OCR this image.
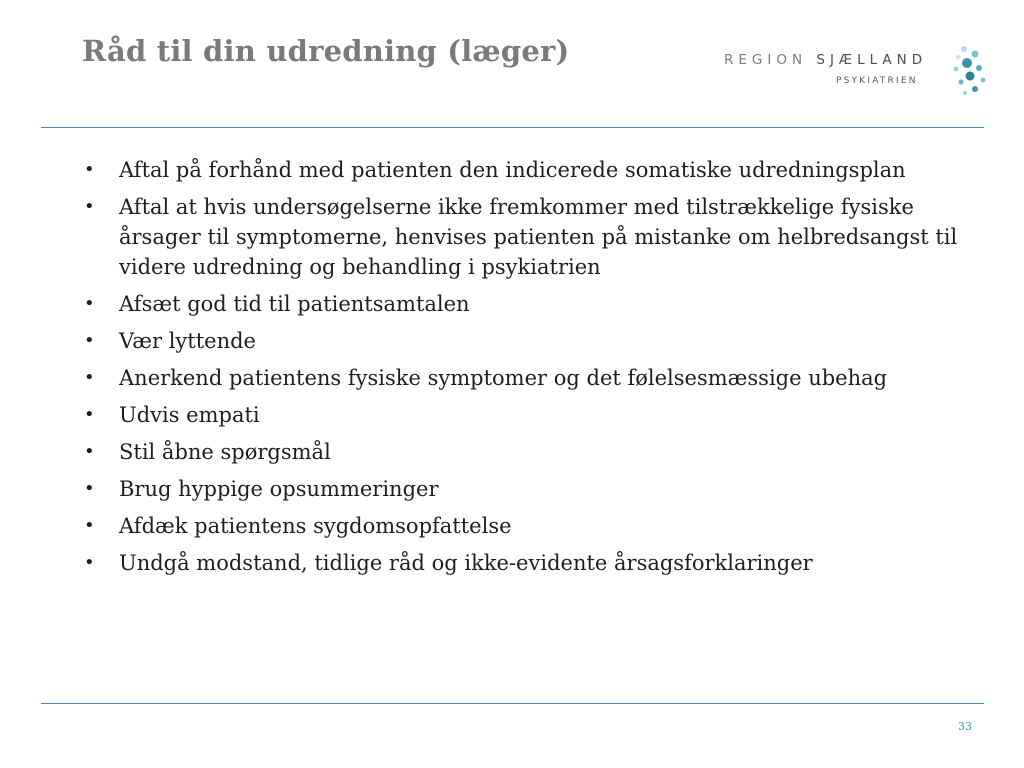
Råd til din udredning (læger)	REGION SJÆLLAND
PSYKIATRIEN
• Aftal på forhånd med patienten den indicerede somatiske udredningsplan
• Aftal at hvis undersøgelserne ikke fremkommer med tilstrækkelige fysiske årsager til symptomerne, henvises patienten på mistanke om helbredsangst til videre udredning og behandling i psykiatrien
• Afsæt god tid til patientsamtalen
• Vær lyttende
• Anerkend patientens fysiske symptomer og det følelsesmæssige ubehag
• Udvis empati
• Stil åbne spørgsmål
• Brug hyppige opsummeringer
• Afdæk patientens sygdomsopfattelse
• Undgå modstand, tidlige råd og ikke-evidente årsagsforklaringer
33
